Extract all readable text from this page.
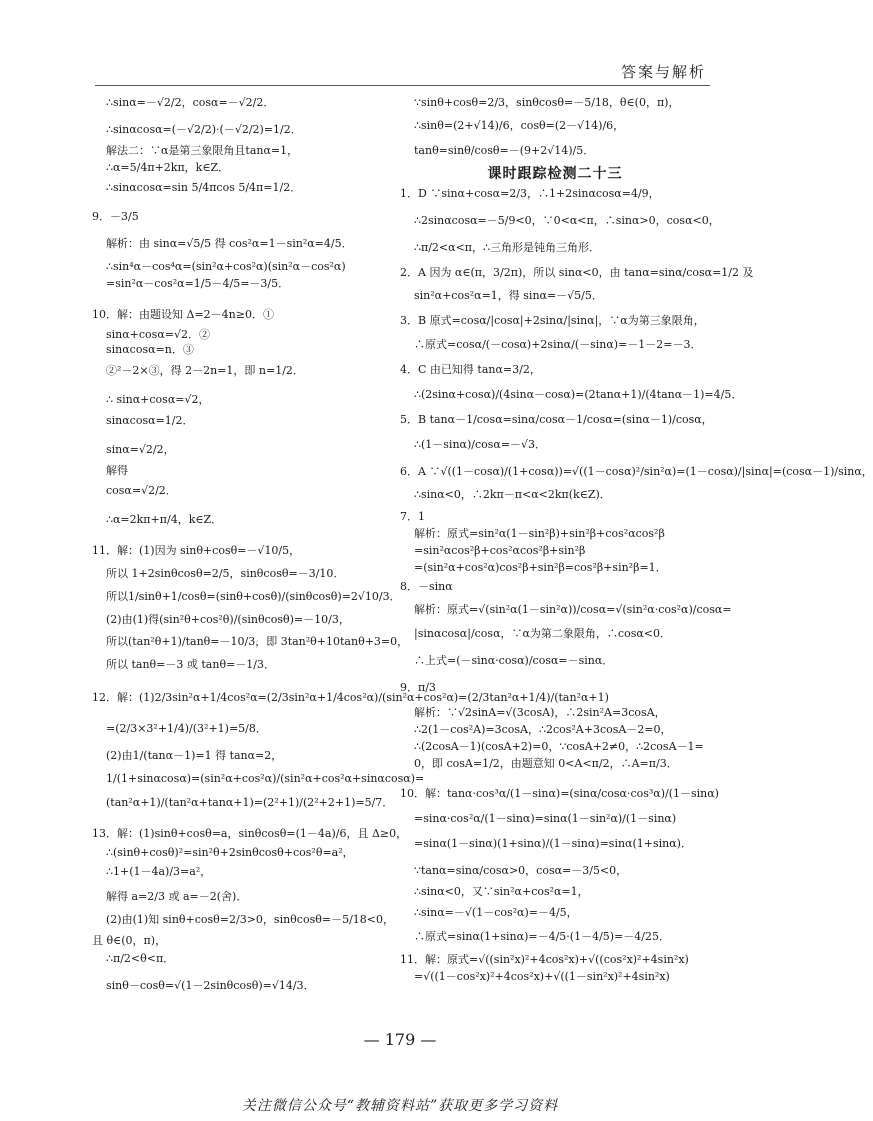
答案与解析

∴sinα=－√2/2，cosα=－√2/2．

∴sinαcosα=(－√2/2)·(－√2/2)=1/2．

解法二：∵α是第三象限角且tanα=1，

∴α=5/4π+2kπ，k∈Z．

∴sinαcosα=sin 5/4πcos 5/4π=1/2．

9．－3/5

解析：由 sinα=√5/5 得 cos²α=1－sin²α=4/5．

∴sin⁴α－cos⁴α=(sin²α+cos²α)(sin²α－cos²α)

=sin²α－cos²α=1/5－4/5=－3/5．

10．解：由题设知 Δ=2－4n≥0．①

sinα+cosα=√2．②

sinαcosα=n．③

②²－2×③，得 2－2n=1，即 n=1/2．

∴ sinα+cosα=√2，

sinαcosα=1/2．

sinα=√2/2，

解得

cosα=√2/2．

∴α=2kπ+π/4，k∈Z．

11．解：(1)因为 sinθ+cosθ=－√10/5，

所以 1+2sinθcosθ=2/5，sinθcosθ=－3/10．

所以1/sinθ+1/cosθ=(sinθ+cosθ)/(sinθcosθ)=2√10/3．

(2)由(1)得(sin²θ+cos²θ)/(sinθcosθ)=－10/3，

所以(tan²θ+1)/tanθ=－10/3，即 3tan²θ+10tanθ+3=0，

所以 tanθ=－3 或 tanθ=－1/3．

12．解：(1)2/3sin²α+1/4cos²α=(2/3sin²α+1/4cos²α)/(sin²α+cos²α)=(2/3tan²α+1/4)/(tan²α+1)

=(2/3×3²+1/4)/(3²+1)=5/8．

(2)由1/(tanα－1)=1 得 tanα=2，

1/(1+sinαcosα)=(sin²α+cos²α)/(sin²α+cos²α+sinαcosα)=

(tan²α+1)/(tan²α+tanα+1)=(2²+1)/(2²+2+1)=5/7．

13．解：(1)sinθ+cosθ=a，sinθcosθ=(1－4a)/6，且 Δ≥0，

∴(sinθ+cosθ)²=sin²θ+2sinθcosθ+cos²θ=a²，

∴1+(1－4a)/3=a²，

解得 a=2/3 或 a=－2(舍)．

(2)由(1)知 sinθ+cosθ=2/3>0，sinθcosθ=－5/18<0，

且 θ∈(0，π)，

∴π/2<θ<π．

sinθ－cosθ=√(1－2sinθcosθ)=√14/3．

∵sinθ+cosθ=2/3，sinθcosθ=－5/18，θ∈(0，π)，

∴sinθ=(2+√14)/6，cosθ=(2－√14)/6，

tanθ=sinθ/cosθ=－(9+2√14)/5．

课时跟踪检测二十三

1．D ∵sinα+cosα=2/3，∴1+2sinαcosα=4/9，

∴2sinαcosα=－5/9<0，∵0<α<π，∴sinα>0，cosα<0，

∴π/2<α<π，∴三角形是钝角三角形．

2．A 因为 α∈(π，3/2π)，所以 sinα<0，由 tanα=sinα/cosα=1/2 及

sin²α+cos²α=1，得 sinα=－√5/5．

3．B 原式=cosα/|cosα|+2sinα/|sinα|，∵α为第三象限角，

∴原式=cosα/(－cosα)+2sinα/(－sinα)=－1－2=－3．

4．C 由已知得 tanα=3/2，

∴(2sinα+cosα)/(4sinα－cosα)=(2tanα+1)/(4tanα－1)=4/5．

5．B tanα－1/cosα=sinα/cosα－1/cosα=(sinα－1)/cosα，

∴(1－sinα)/cosα=－√3．

6．A ∵√((1－cosα)/(1+cosα))=√((1－cosα)²/sin²α)=(1－cosα)/|sinα|=(cosα－1)/sinα，

∴sinα<0，∴2kπ－π<α<2kπ(k∈Z)．

7．1

解析：原式=sin²α(1－sin²β)+sin²β+cos²αcos²β

=sin²αcos²β+cos²αcos²β+sin²β

=(sin²α+cos²α)cos²β+sin²β=cos²β+sin²β=1．

8．－sinα

解析：原式=√(sin²α(1－sin²α))/cosα=√(sin²α·cos²α)/cosα=

|sinαcosα|/cosα，∵α为第二象限角，∴cosα<0．

∴上式=(－sinα·cosα)/cosα=－sinα．

9．π/3

解析：∵√2sinA=√(3cosA)，∴2sin²A=3cosA，

∴2(1－cos²A)=3cosA，∴2cos²A+3cosA－2=0，

∴(2cosA－1)(cosA+2)=0，∵cosA+2≠0，∴2cosA－1=

0，即 cosA=1/2，由题意知 0<A<π/2，∴A=π/3．

10．解：tanα·cos³α/(1－sinα)=(sinα/cosα·cos³α)/(1－sinα)

=sinα·cos²α/(1－sinα)=sinα(1－sin²α)/(1－sinα)

=sinα(1－sinα)(1+sinα)/(1－sinα)=sinα(1+sinα)．

∵tanα=sinα/cosα>0，cosα=－3/5<0，

∴sinα<0，又∵sin²α+cos²α=1，

∴sinα=－√(1－cos²α)=－4/5，

∴原式=sinα(1+sinα)=－4/5·(1－4/5)=－4/25．

11．解：原式=√((sin²x)²+4cos²x)+√((cos²x)²+4sin²x)

=√((1－cos²x)²+4cos²x)+√((1－sin²x)²+4sin²x)

— 179 —
关注微信公众号“教辅资料站”获取更多学习资料
